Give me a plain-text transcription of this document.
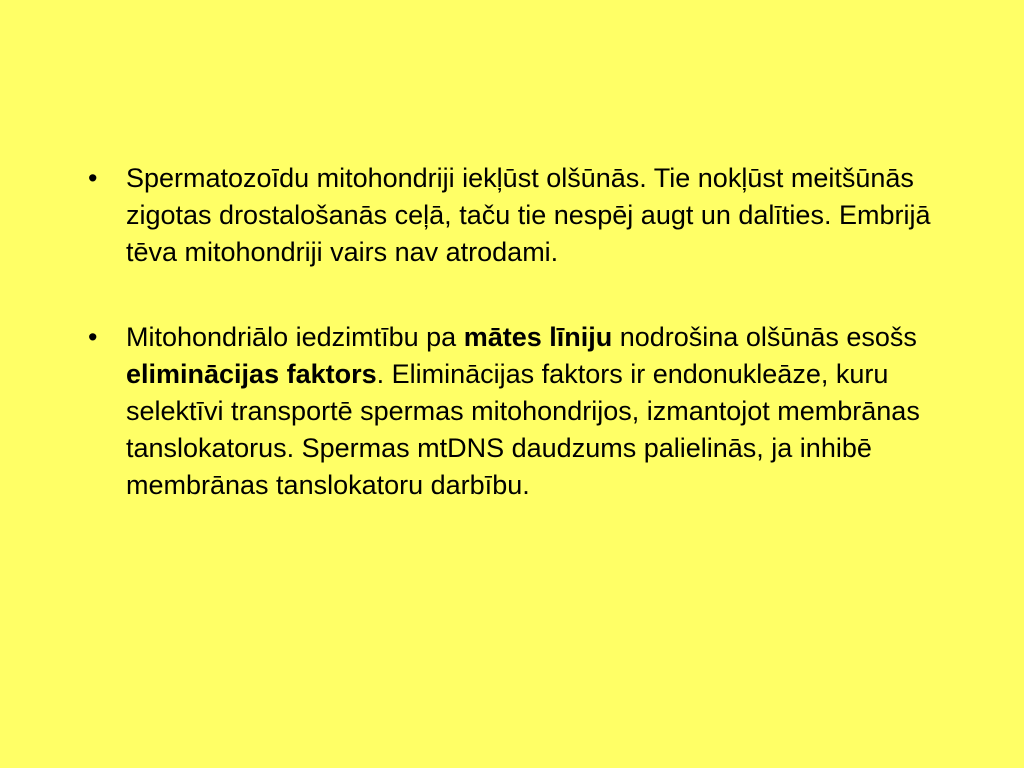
• Spermatozoīdu mitohondriji iekļūst olšūnās. Tie nokļūst meitšūnās zigotas drostalošanās ceļā, taču tie nespēj augt un dalīties. Embrijā tēva mitohondriji vairs nav atrodami.
• Mitohondriālo iedzimtību pa mātes līniju nodrošina olšūnās esošs eliminācijas faktors. Eliminācijas faktors ir endonukleāze, kuru selektīvi transportē spermas mitohondrijos, izmantojot membrānas tanslokatorus. Spermas mtDNS daudzums palielinās, ja inhibē membrānas tanslokatoru darbību.
